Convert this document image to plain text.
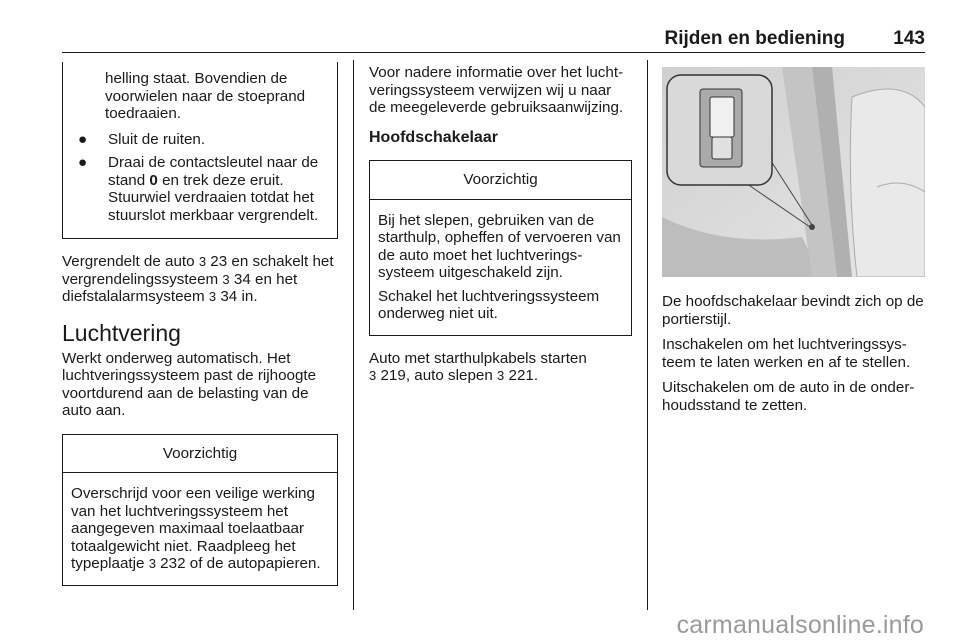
Rijden en bediening	143
helling staat. Bovendien de voorwielen naar de stoeprand toedraaien.
●	Sluit de ruiten.
●	Draai de contactsleutel naar de stand 0 en trek deze eruit. Stuurwiel verdraaien totdat het stuurslot merkbaar vergrendelt.

Vergrendelt de auto 3 23 en schakelt het vergrendelingssysteem 3 34 en het diefstalalarmsysteem 3 34 in.

Luchtvering

Werkt onderweg automatisch. Het luchtveringssysteem past de rijhoogte voortdurend aan de belasting van de auto aan.

Voorzichtig

Overschrijd voor een veilige werking van het luchtveringssysteem het aangegeven maximaal toelaatbaar totaalgewicht niet. Raadpleeg het typeplaatje 3 232 of de autopapieren.

Voor nadere informatie over het luchtveringssysteem verwijzen wij u naar de meegeleverde gebruiksaanwijzing.

Hoofdschakelaar
Voorzichtig

Bij het slepen, gebruiken van de starthulp, opheffen of vervoeren van de auto moet het luchtveringssysteem uitgeschakeld zijn.

Schakel het luchtveringssysteem onderweg niet uit.

Auto met starthulpkabels starten
3 219, auto slepen 3 221.

De hoofdschakelaar bevindt zich op de portierstijl.

Inschakelen om het luchtveringssysteem te laten werken en af te stellen.

Uitschakelen om de auto in de onderhoudsstand te zetten.

carmanualsonline.info
